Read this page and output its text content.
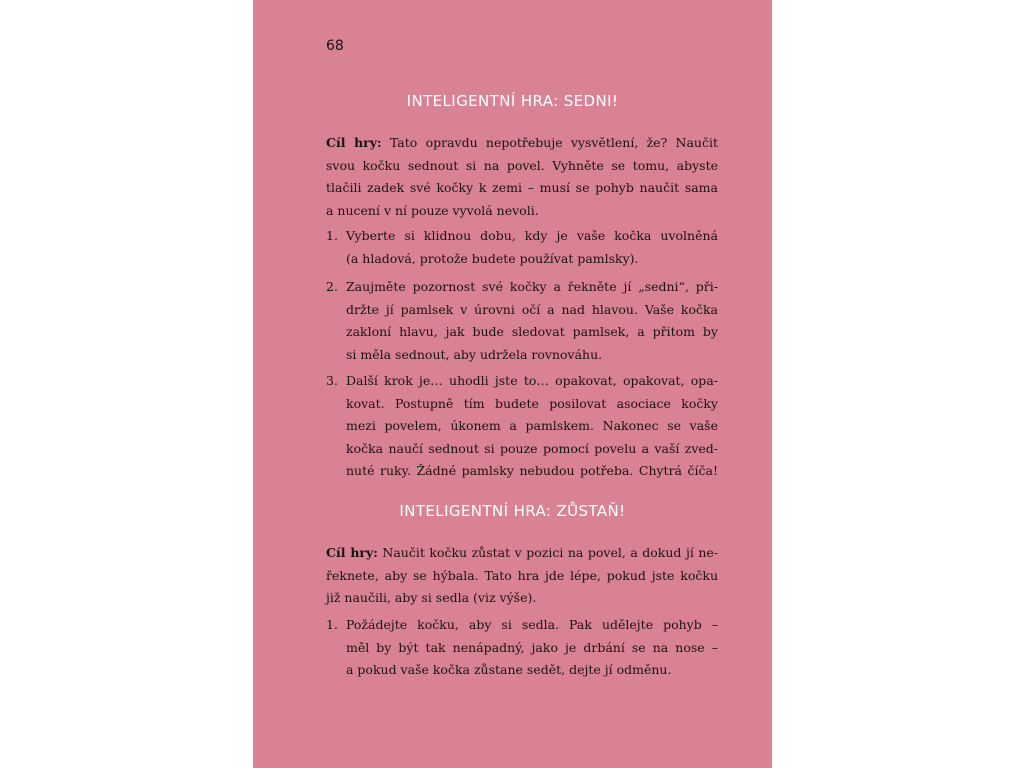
68
INTELIGENTNÍ HRA: SEDNI!
Cíl hry: Tato opravdu nepotřebuje vysvětlení, že? Naučit
svou kočku sednout si na povel. Vyhněte se tomu, abyste
tlačili zadek své kočky k zemi – musí se pohyb naučit sama
a nucení v ní pouze vyvolá nevoli.
1. Vyberte si klidnou dobu, kdy je vaše kočka uvolněná
(a hladová, protože budete používat pamlsky).
2. Zaujměte pozornost své kočky a řekněte jí „sedni“, při-
držte jí pamlsek v úrovni očí a nad hlavou. Vaše kočka
zakloní hlavu, jak bude sledovat pamlsek, a přitom by
si měla sednout, aby udržela rovnováhu.
3. Další krok je… uhodli jste to… opakovat, opakovat, opa-
kovat. Postupně tím budete posilovat asociace kočky
mezi povelem, úkonem a pamlskem. Nakonec se vaše
kočka naučí sednout si pouze pomocí povelu a vaší zved-
nuté ruky. Žádné pamlsky nebudou potřeba. Chytrá číča!
INTELIGENTNÍ HRA: ZŮSTAŇ!
Cíl hry: Naučit kočku zůstat v pozici na povel, a dokud jí ne-
řeknete, aby se hýbala. Tato hra jde lépe, pokud jste kočku
již naučili, aby si sedla (viz výše).
1. Požádejte kočku, aby si sedla. Pak udělejte pohyb –
měl by být tak nenápadný, jako je drbání se na nose –
a pokud vaše kočka zůstane sedět, dejte jí odměnu.
